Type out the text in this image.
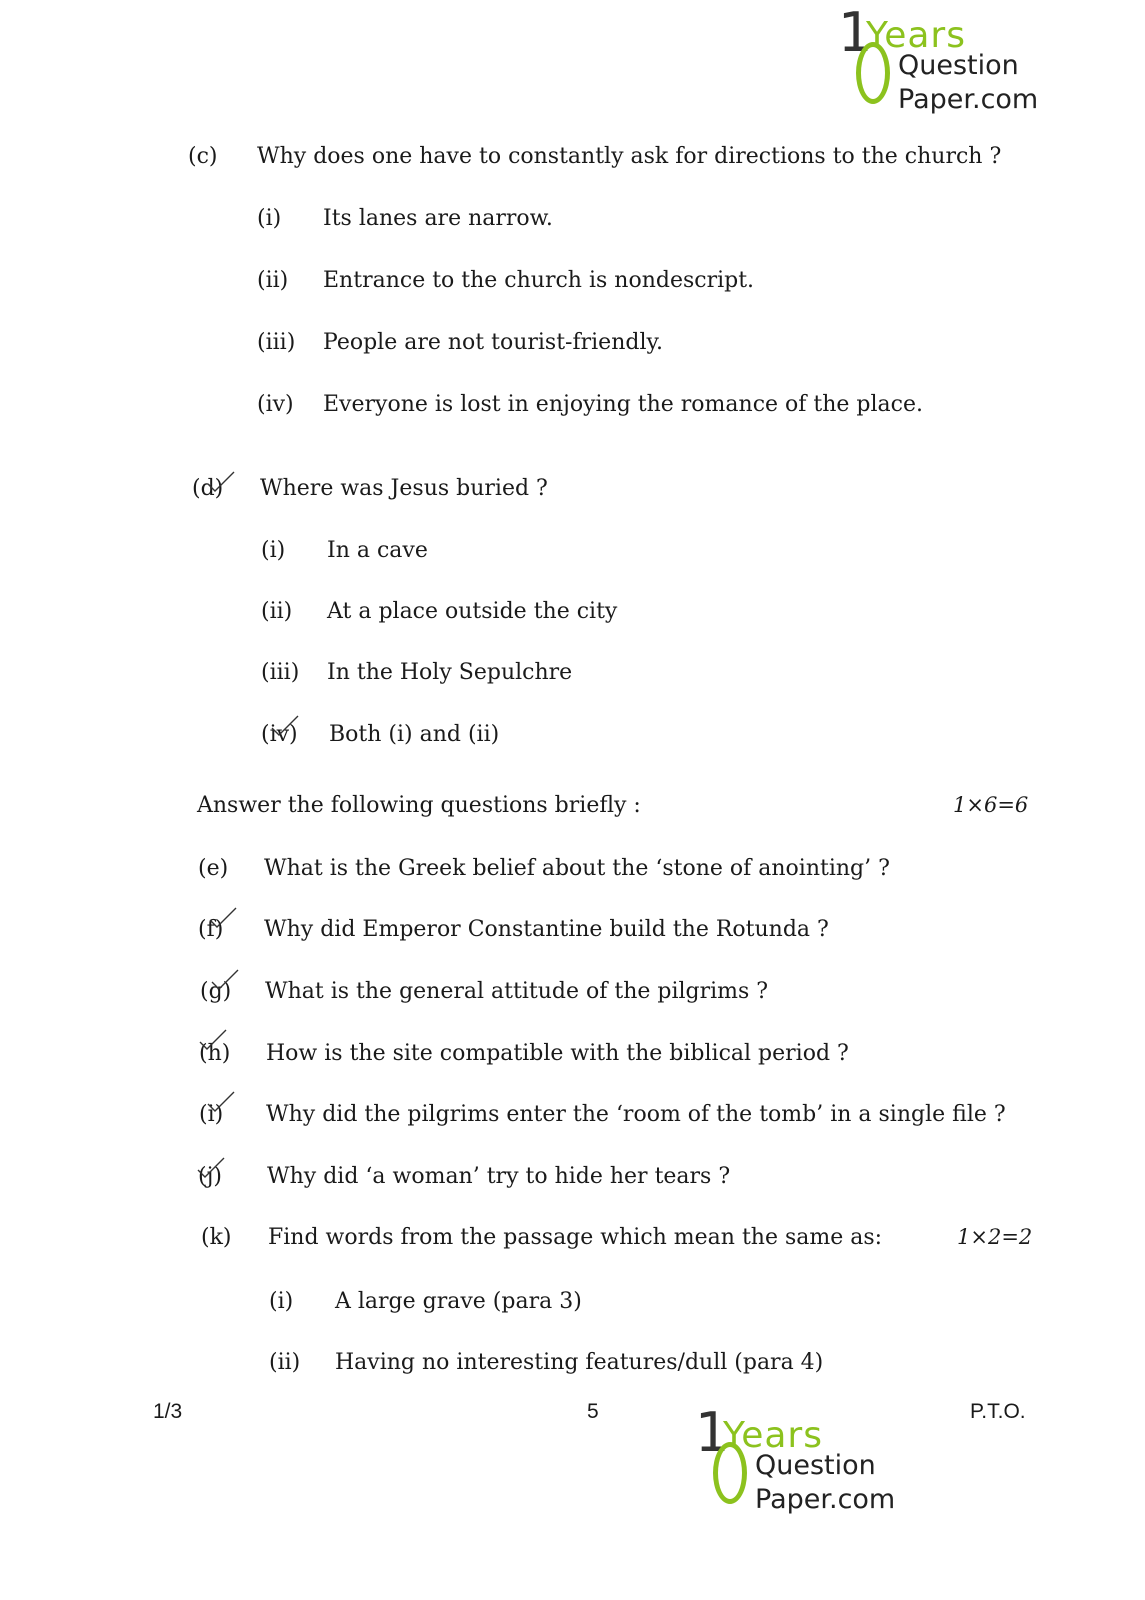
1
Years
Question
Paper.com
(c) Why does one have to constantly ask for directions to the church ?
(i) Its lanes are narrow.
(ii) Entrance to the church is nondescript.
(iii) People are not tourist-friendly.
(iv) Everyone is lost in enjoying the romance of the place.
(d) Where was Jesus buried ?
(i) In a cave
(ii) At a place outside the city
(iii) In the Holy Sepulchre
(iv) Both (i) and (ii)
Answer the following questions briefly :	1×6=6
(e) What is the Greek belief about the ‘stone of anointing’ ?
(f) Why did Emperor Constantine build the Rotunda ?
(g) What is the general attitude of the pilgrims ?
(h) How is the site compatible with the biblical period ?
(i) Why did the pilgrims enter the ‘room of the tomb’ in a single file ?
(j) Why did ‘a woman’ try to hide her tears ?
(k) Find words from the passage which mean the same as:	1×2=2
(i) A large grave (para 3)
(ii) Having no interesting features/dull (para 4)
1/3	5	P.T.O.
1
Years
Question
Paper.com
